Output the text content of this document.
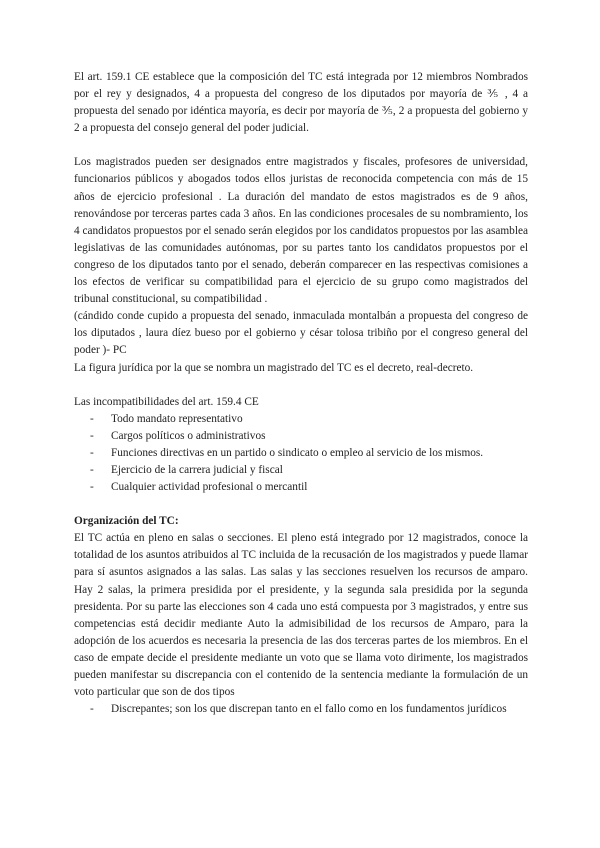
El art. 159.1 CE establece que la composición del TC está integrada por 12 miembros Nombrados por el rey y designados, 4 a propuesta del congreso de los diputados por mayoría de ⅗ , 4 a propuesta del senado por idéntica mayoría, es decir por mayoría de ⅗, 2 a propuesta del gobierno y 2 a propuesta del consejo general del poder judicial.

Los magistrados pueden ser designados entre magistrados y fiscales, profesores de universidad, funcionarios públicos y abogados todos ellos juristas de reconocida competencia con más de 15 años de ejercicio profesional . La duración del mandato de estos magistrados es de 9 años, renovándose por terceras partes cada 3 años. En las condiciones procesales de su nombramiento, los 4 candidatos propuestos por el senado serán elegidos por los candidatos propuestos por las asamblea legislativas de las comunidades autónomas, por su partes tanto los candidatos propuestos por el congreso de los diputados tanto por el senado, deberán comparecer en las respectivas comisiones a los efectos de verificar su compatibilidad para el ejercicio de su grupo como magistrados del tribunal constitucional, su compatibilidad .

(cándido conde cupido a propuesta del senado, inmaculada montalbán a propuesta del congreso de los diputados , laura díez bueso por el gobierno y césar tolosa tribiño por el congreso general del poder )- PC

La figura jurídica por la que se nombra un magistrado del TC es el decreto, real-decreto.

Las incompatibilidades del art. 159.4 CE

- Todo mandato representativo
- Cargos políticos o administrativos
- Funciones directivas en un partido o sindicato o empleo al servicio de los mismos.
- Ejercicio de la carrera judicial y fiscal
- Cualquier actividad profesional o mercantil

Organización del TC:

El TC actúa en pleno en salas o secciones. El pleno está integrado por 12 magistrados, conoce la totalidad de los asuntos atribuidos al TC incluida de la recusación de los magistrados y puede llamar para sí asuntos asignados a las salas. Las salas y las secciones resuelven los recursos de amparo. Hay 2 salas, la primera presidida por el presidente, y la segunda sala presidida por la segunda presidenta. Por su parte las elecciones son 4 cada uno está compuesta por 3 magistrados, y entre sus competencias está decidir mediante Auto la admisibilidad de los recursos de Amparo, para la adopción de los acuerdos es necesaria la presencia de las dos terceras partes de los miembros. En el caso de empate decide el presidente mediante un voto que se llama voto dirimente, los magistrados pueden manifestar su discrepancia con el contenido de la sentencia mediante la formulación de un voto particular que son de dos tipos

- Discrepantes; son los que discrepan tanto en el fallo como en los fundamentos jurídicos
